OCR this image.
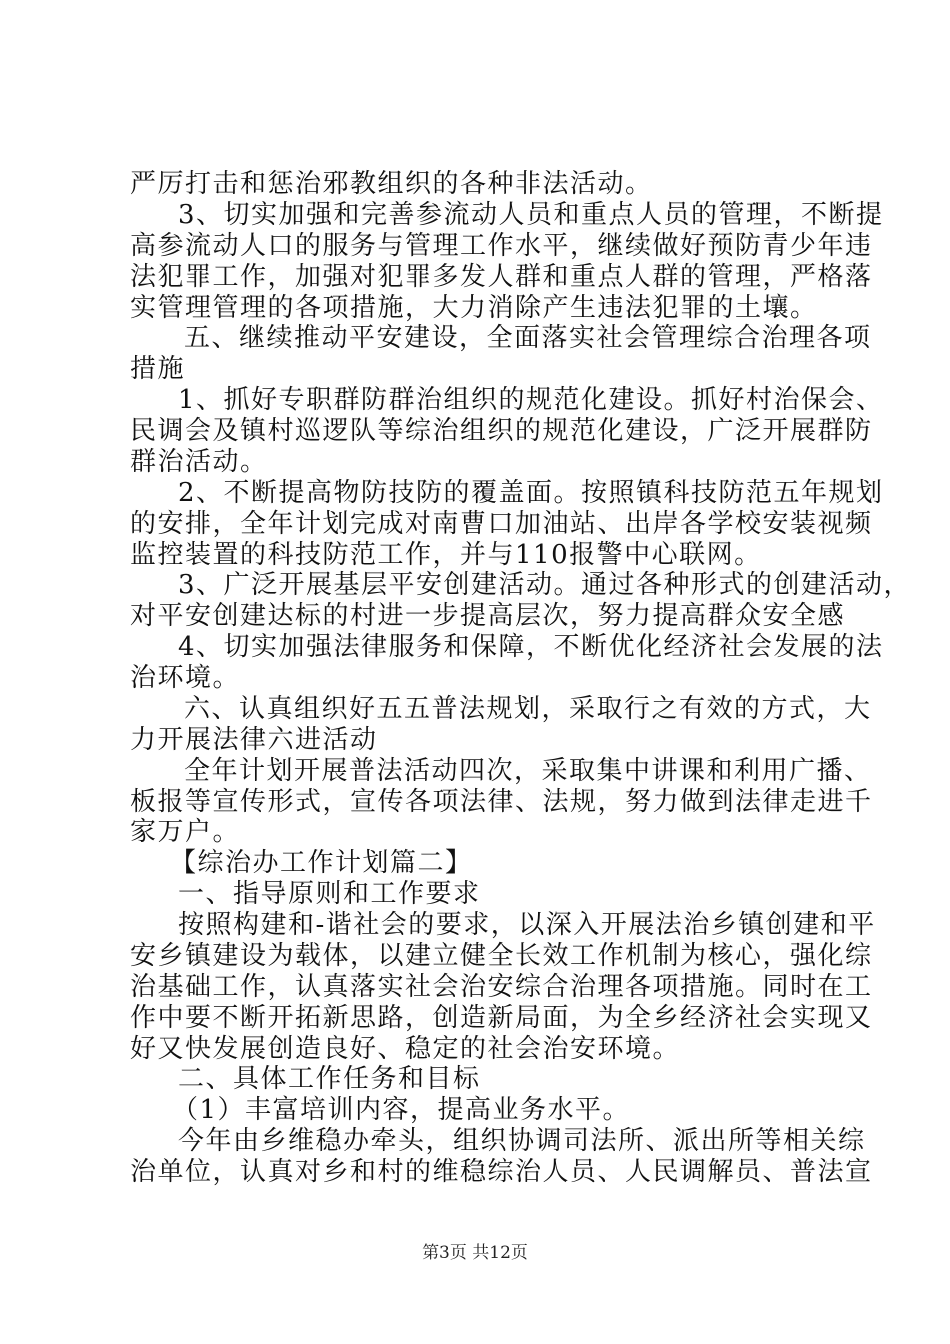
严厉打击和惩治邪教组织的各种非法活动。
3、切实加强和完善参流动人员和重点人员的管理，不断提
高参流动人口的服务与管理工作水平，继续做好预防青少年违
法犯罪工作，加强对犯罪多发人群和重点人群的管理，严格落
实管理管理的各项措施，大力消除产生违法犯罪的土壤。
五、继续推动平安建设，全面落实社会管理综合治理各项
措施
1、抓好专职群防群治组织的规范化建设。抓好村治保会、
民调会及镇村巡逻队等综治组织的规范化建设，广泛开展群防
群治活动。
2、不断提高物防技防的覆盖面。按照镇科技防范五年规划
的安排，全年计划完成对南曹口加油站、出岸各学校安装视频
监控装置的科技防范工作，并与110报警中心联网。
3、广泛开展基层平安创建活动。通过各种形式的创建活动，
对平安创建达标的村进一步提高层次，努力提高群众安全感
4、切实加强法律服务和保障，不断优化经济社会发展的法
治环境。
六、认真组织好五五普法规划，采取行之有效的方式，大
力开展法律六进活动
全年计划开展普法活动四次，采取集中讲课和利用广播、
板报等宣传形式，宣传各项法律、法规，努力做到法律走进千
家万户。
【综治办工作计划篇二】
一、指导原则和工作要求
按照构建和-谐社会的要求，以深入开展法治乡镇创建和平
安乡镇建设为载体，以建立健全长效工作机制为核心，强化综
治基础工作，认真落实社会治安综合治理各项措施。同时在工
作中要不断开拓新思路，创造新局面，为全乡经济社会实现又
好又快发展创造良好、稳定的社会治安环境。
二、具体工作任务和目标
（1）丰富培训内容，提高业务水平。
今年由乡维稳办牵头，组织协调司法所、派出所等相关综
治单位，认真对乡和村的维稳综治人员、人民调解员、普法宣
第3页 共12页
